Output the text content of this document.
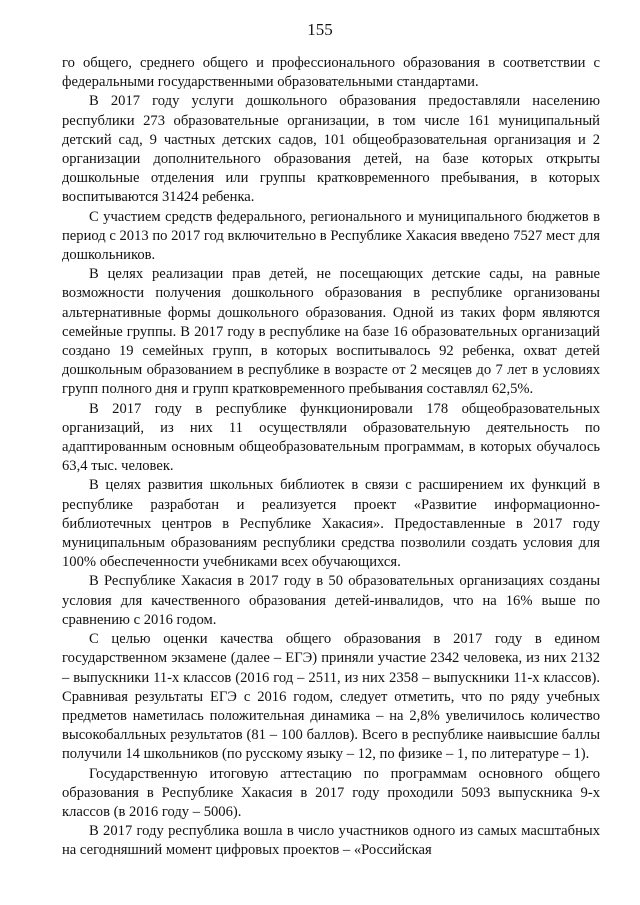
155

го общего, среднего общего и профессионального образования в соответствии с федеральными государственными образовательными стандартами.

В 2017 году услуги дошкольного образования предоставляли населению республики 273 образовательные организации, в том числе 161 муниципальный детский сад, 9 частных детских садов, 101 общеобразовательная организация и 2 организации дополнительного образования детей, на базе которых открыты дошкольные отделения или группы кратковременного пребывания, в которых воспитываются 31424 ребенка.

С участием средств федерального, регионального и муниципального бюджетов в период с 2013 по 2017 год включительно в Республике Хакасия введено 7527 мест для дошкольников.

В целях реализации прав детей, не посещающих детские сады, на равные возможности получения дошкольного образования в республике организованы альтернативные формы дошкольного образования. Одной из таких форм являются семейные группы. В 2017 году в республике на базе 16 образовательных организаций создано 19 семейных групп, в которых воспитывалось 92 ребенка, охват детей дошкольным образованием в республике в возрасте от 2 месяцев до 7 лет в условиях групп полного дня и групп кратковременного пребывания составлял 62,5%.

В 2017 году в республике функционировали 178 общеобразовательных организаций, из них 11 осуществляли образовательную деятельность по адаптированным основным общеобразовательным программам, в которых обучалось 63,4 тыс. человек.

В целях развития школьных библиотек в связи с расширением их функций в республике разработан и реализуется проект «Развитие информационно-библиотечных центров в Республике Хакасия». Предоставленные в 2017 году муниципальным образованиям республики средства позволили создать условия для 100% обеспеченности учебниками всех обучающихся.

В Республике Хакасия в 2017 году в 50 образовательных организациях созданы условия для качественного образования детей-инвалидов, что на 16% выше по сравнению с 2016 годом.

С целью оценки качества общего образования в 2017 году в едином государственном экзамене (далее – ЕГЭ) приняли участие 2342 человека, из них 2132 – выпускники 11-х классов (2016 год – 2511, из них 2358 – выпускники 11-х классов). Сравнивая результаты ЕГЭ с 2016 годом, следует отметить, что по ряду учебных предметов наметилась положительная динамика – на 2,8% увеличилось количество высокобалльных результатов (81 – 100 баллов). Всего в республике наивысшие баллы получили 14 школьников (по русскому языку – 12, по физике – 1, по литературе – 1).

Государственную итоговую аттестацию по программам основного общего образования в Республике Хакасия в 2017 году проходили 5093 выпускника 9-х классов (в 2016 году – 5006).

В 2017 году республика вошла в число участников одного из самых масштабных на сегодняшний момент цифровых проектов – «Российская
